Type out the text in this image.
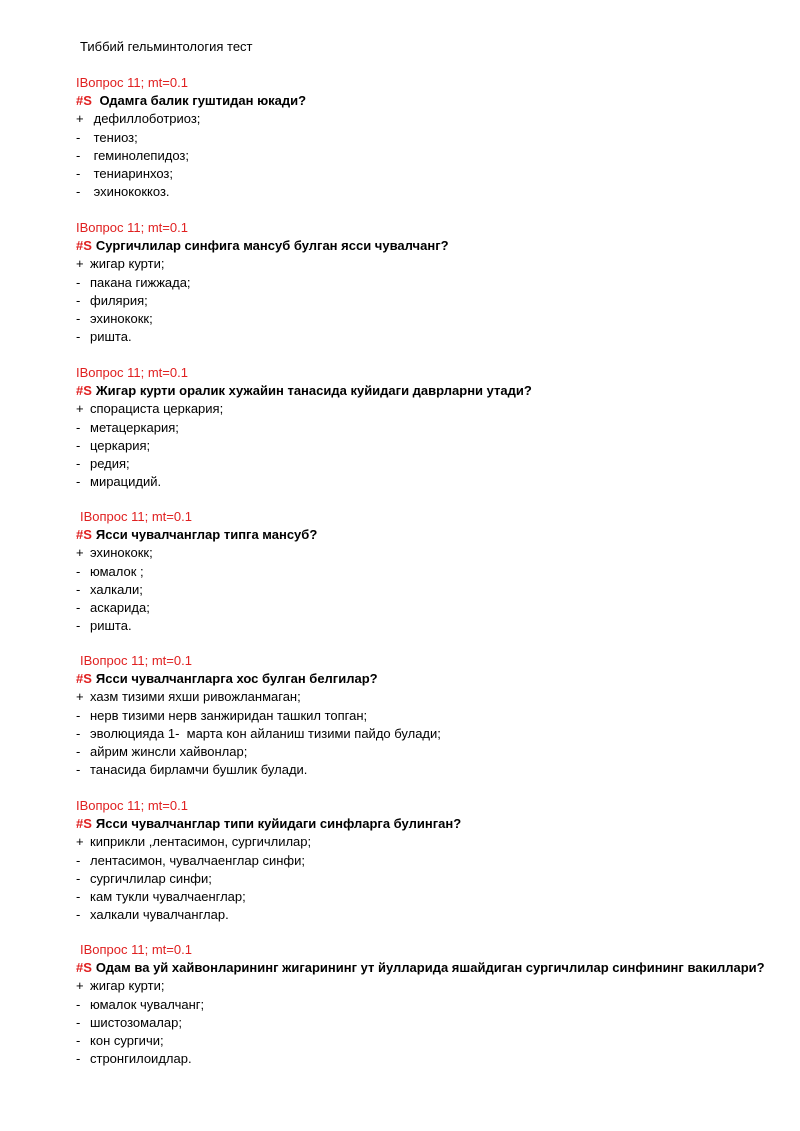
Тиббий гельминтология тест
IВопрос 11; mt=0.1
#S Одамга балик гуштидан юкади?
+ дефиллоботриоз;
- тениоз;
- геминолепидоз;
- тениаринхоз;
- эхинококкоз.
IВопрос 11; mt=0.1
#S Сургичлилар синфига мансуб булган ясси чувалчанг?
+ жигар курти;
- пакана гижжада;
- филярия;
- эхинококк;
- ришта.
IВопрос 11; mt=0.1
#S Жигар курти оралик хужайин танасида куйидаги даврларни утади?
+ спорациста церкария;
- метацеркария;
- церкария;
- редия;
- мирацидий.
IВопрос 11; mt=0.1
#S Ясси чувалчанглар типга мансуб?
+ эхинококк;
- юмалок ;
- халкали;
- аскарида;
- ришта.
IВопрос 11; mt=0.1
#S Ясси чувалчангларга хос булган белгилар?
+ хазм тизими яхши ривожланмаган;
- нерв тизими нерв занжиридан ташкил топган;
- эволюцияда 1-  марта кон айланиш тизими пайдо булади;
- айрим жинсли хайвонлар;
- танасида бирламчи бушлик булади.
IВопрос 11; mt=0.1
#S Ясси чувалчанглар типи куйидаги синфларга булинган?
+ киприкли ,лентасимон, сургичлилар;
- лентасимон, чувалчаенглар синфи;
- сургичлилар синфи;
- кам тукли чувалчаенглар;
- халкали чувалчанглар.
IВопрос 11; mt=0.1
#S Одам ва уй хайвонларининг жигарининг ут йулларида яшайдиган сургичлилар синфининг вакиллари?
+ жигар курти;
- юмалок чувалчанг;
- шистозомалар;
- кон сургичи;
- стронгилоидлар.
